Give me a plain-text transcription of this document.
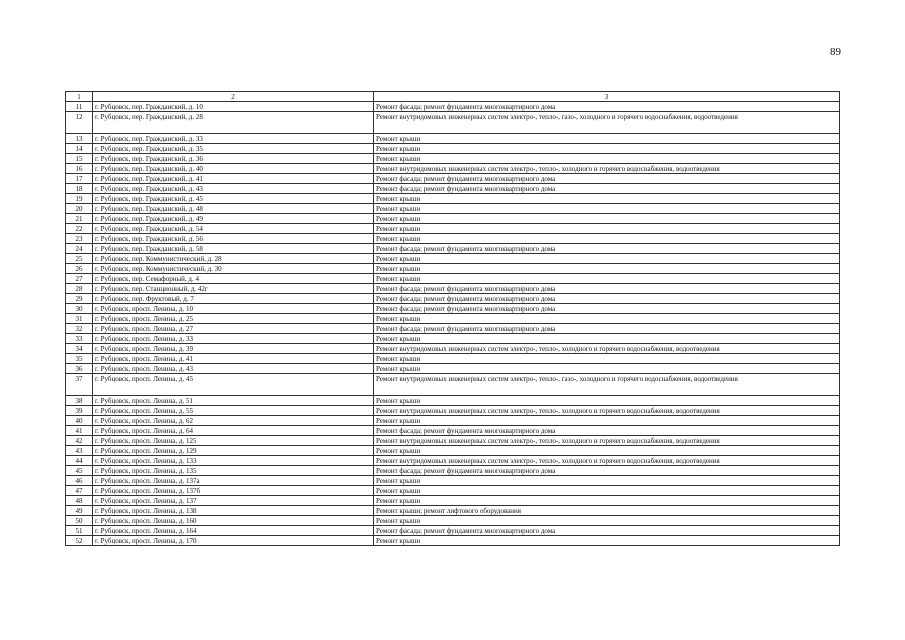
89
1	2	3
11	г. Рубцовск, пер. Гражданский, д. 10	Ремонт фасада; ремонт фундамента многоквартирного дома
12	г. Рубцовск, пер. Гражданский, д. 28	Ремонт внутридомовых инженерных систем электро-, тепло-, газо-, холодного и горячего водоснабжения, водоотведения
13	г. Рубцовск, пер. Гражданский, д. 33	Ремонт крыши
14	г. Рубцовск, пер. Гражданский, д. 35	Ремонт крыши
15	г. Рубцовск, пер. Гражданский, д. 36	Ремонт крыши
16	г. Рубцовск, пер. Гражданский, д. 40	Ремонт внутридомовых инженерных систем электро-, тепло-, холодного и горячего водоснабжения, водоотведения
17	г. Рубцовск, пер. Гражданский, д. 41	Ремонт фасада; ремонт фундамента многоквартирного дома
18	г. Рубцовск, пер. Гражданский, д. 43	Ремонт фасада; ремонт фундамента многоквартирного дома
19	г. Рубцовск, пер. Гражданский, д. 45	Ремонт крыши
20	г. Рубцовск, пер. Гражданский, д. 48	Ремонт крыши
21	г. Рубцовск, пер. Гражданский, д. 49	Ремонт крыши
22	г. Рубцовск, пер. Гражданский, д. 54	Ремонт крыши
23	г. Рубцовск, пер. Гражданский, д. 56	Ремонт крыши
24	г. Рубцовск, пер. Гражданский, д. 58	Ремонт фасада; ремонт фундамента многоквартирного дома
25	г. Рубцовск, пер. Коммунистический, д. 28	Ремонт крыши
26	г. Рубцовск, пер. Коммунистический, д. 30	Ремонт крыши
27	г. Рубцовск, пер. Семафорный, д. 4	Ремонт крыши
28	г. Рубцовск, пер. Станционный, д. 42г	Ремонт фасада; ремонт фундамента многоквартирного дома
29	г. Рубцовск, пер. Фруктовый, д. 7	Ремонт фасада; ремонт фундамента многоквартирного дома
30	г. Рубцовск, просп. Ленина, д. 10	Ремонт фасада; ремонт фундамента многоквартирного дома
31	г. Рубцовск, просп. Ленина, д. 25	Ремонт крыши
32	г. Рубцовск, просп. Ленина, д. 27	Ремонт фасада; ремонт фундамента многоквартирного дома
33	г. Рубцовск, просп. Ленина, д. 33	Ремонт крыши
34	г. Рубцовск, просп. Ленина, д. 39	Ремонт внутридомовых инженерных систем электро-, тепло-, холодного и горячего водоснабжения, водоотведения
35	г. Рубцовск, просп. Ленина, д. 41	Ремонт крыши
36	г. Рубцовск, просп. Ленина, д. 43	Ремонт крыши
37	г. Рубцовск, просп. Ленина, д. 45	Ремонт внутридомовых инженерных систем электро-, тепло-, газо-, холодного и горячего водоснабжения, водоотведения
38	г. Рубцовск, просп. Ленина, д. 51	Ремонт крыши
39	г. Рубцовск, просп. Ленина, д. 55	Ремонт внутридомовых инженерных систем электро-, тепло-, холодного и горячего водоснабжения, водоотведения
40	г. Рубцовск, просп. Ленина, д. 62	Ремонт крыши
41	г. Рубцовск, просп. Ленина, д. 64	Ремонт фасада; ремонт фундамента многоквартирного дома
42	г. Рубцовск, просп. Ленина, д. 125	Ремонт внутридомовых инженерных систем электро-, тепло-, холодного и горячего водоснабжения, водоотведения
43	г. Рубцовск, просп. Ленина, д. 129	Ремонт крыши
44	г. Рубцовск, просп. Ленина, д. 133	Ремонт внутридомовых инженерных систем электро-, тепло-, холодного и горячего водоснабжения, водоотведения
45	г. Рубцовск, просп. Ленина, д. 135	Ремонт фасада; ремонт фундамента многоквартирного дома
46	г. Рубцовск, просп. Ленина, д. 137а	Ремонт крыши
47	г. Рубцовск, просп. Ленина, д. 137б	Ремонт крыши
48	г. Рубцовск, просп. Ленина, д. 137	Ремонт крыши
49	г. Рубцовск, просп. Ленина, д. 138	Ремонт крыши; ремонт лифтового оборудования
50	г. Рубцовск, просп. Ленина, д. 160	Ремонт крыши
51	г. Рубцовск, просп. Ленина, д. 164	Ремонт фасада; ремонт фундамента многоквартирного дома
52	г. Рубцовск, просп. Ленина, д. 170	Ремонт крыши
